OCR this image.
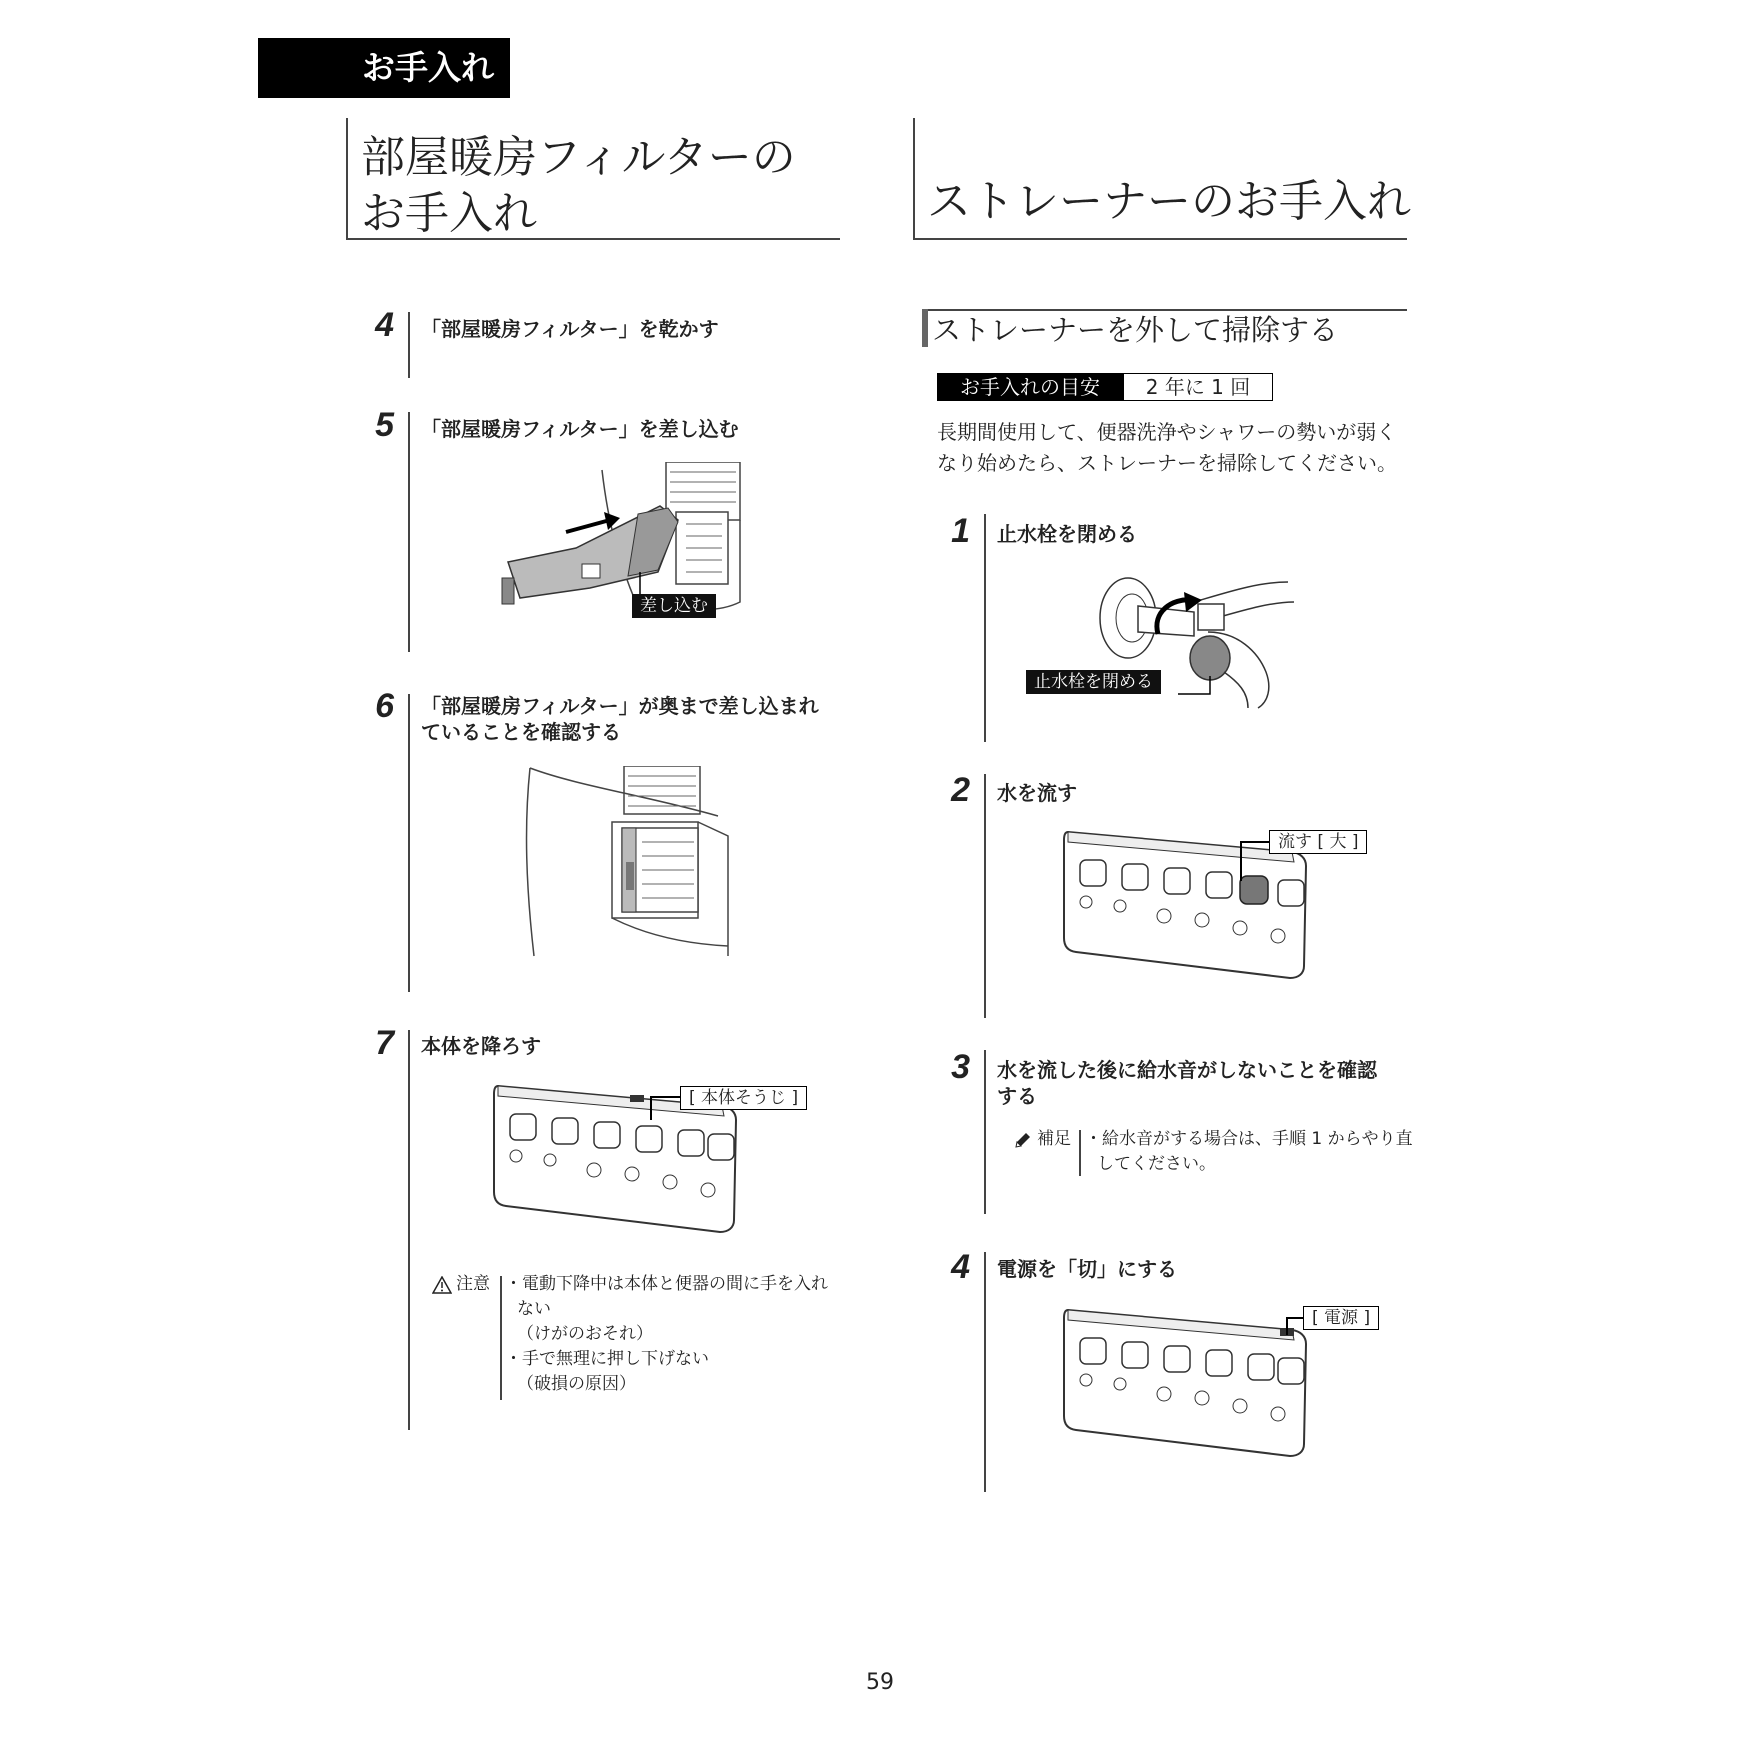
お手入れ
部屋暖房フィルターの
お手入れ	ストレーナーのお手入れ
4 「部屋暖房フィルター」を乾かす
5 「部屋暖房フィルター」を差し込む
差し込む
6 「部屋暖房フィルター」が奥まで差し込まれ
ていることを確認する
7 本体を降ろす
[ 本体そうじ ]
注意 ・電動下降中は本体と便器の間に手を入れ
ない
（けがのおそれ）
・手で無理に押し下げない
（破損の原因）
ストレーナーを外して掃除する
お手入れの目安	2 年に 1 回
長期間使用して、便器洗浄やシャワーの勢いが弱く
なり始めたら、ストレーナーを掃除してください。
1 止水栓を閉める
止水栓を閉める
2 水を流す
流す [ 大 ]
3 水を流した後に給水音がしないことを確認
する
補足 ・給水音がする場合は、手順 1 からやり直
してください。
4 電源を「切」にする
[ 電源 ]
59
